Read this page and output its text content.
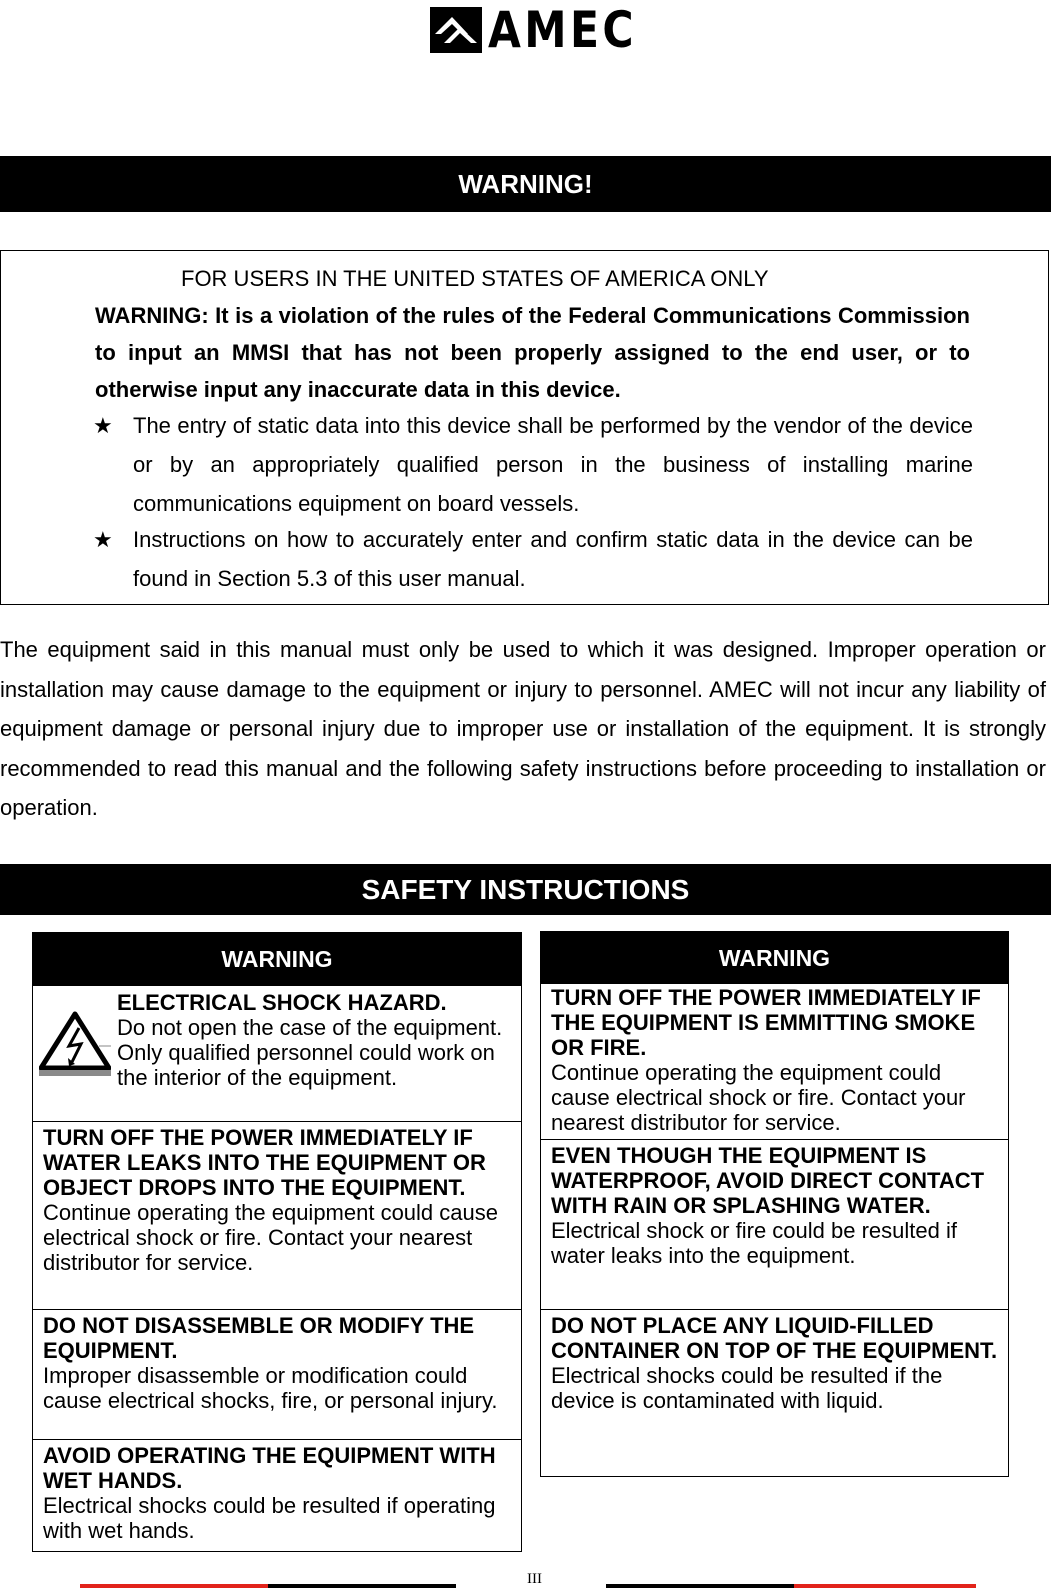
AMEC
WARNING!
FOR USERS IN THE UNITED STATES OF AMERICA ONLY
WARNING: It is a violation of the rules of the Federal Communications Commission to input an MMSI that has not been properly assigned to the end user, or to otherwise input any inaccurate data in this device.
★ The entry of static data into this device shall be performed by the vendor of the device or by an appropriately qualified person in the business of installing marine communications equipment on board vessels.
★ Instructions on how to accurately enter and confirm static data in the device can be found in Section 5.3 of this user manual.
The equipment said in this manual must only be used to which it was designed. Improper operation or installation may cause damage to the equipment or injury to personnel. AMEC will not incur any liability of equipment damage or personal injury due to improper use or installation of the equipment. It is strongly recommended to read this manual and the following safety instructions before proceeding to installation or operation.
SAFETY INSTRUCTIONS
WARNING
ELECTRICAL SHOCK HAZARD.
Do not open the case of the equipment. Only qualified personnel could work on the interior of the equipment.
TURN OFF THE POWER IMMEDIATELY IF WATER LEAKS INTO THE EQUIPMENT OR OBJECT DROPS INTO THE EQUIPMENT.
Continue operating the equipment could cause electrical shock or fire. Contact your nearest distributor for service.
DO NOT DISASSEMBLE OR MODIFY THE EQUIPMENT.
Improper disassemble or modification could cause electrical shocks, fire, or personal injury.
AVOID OPERATING THE EQUIPMENT WITH WET HANDS.
Electrical shocks could be resulted if operating with wet hands.
WARNING
TURN OFF THE POWER IMMEDIATELY IF THE EQUIPMENT IS EMMITTING SMOKE OR FIRE.
Continue operating the equipment could cause electrical shock or fire. Contact your nearest distributor for service.
EVEN THOUGH THE EQUIPMENT IS WATERPROOF, AVOID DIRECT CONTACT WITH RAIN OR SPLASHING WATER.
Electrical shock or fire could be resulted if water leaks into the equipment.
DO NOT PLACE ANY LIQUID-FILLED CONTAINER ON TOP OF THE EQUIPMENT.
Electrical shocks could be resulted if the device is contaminated with liquid.
III
